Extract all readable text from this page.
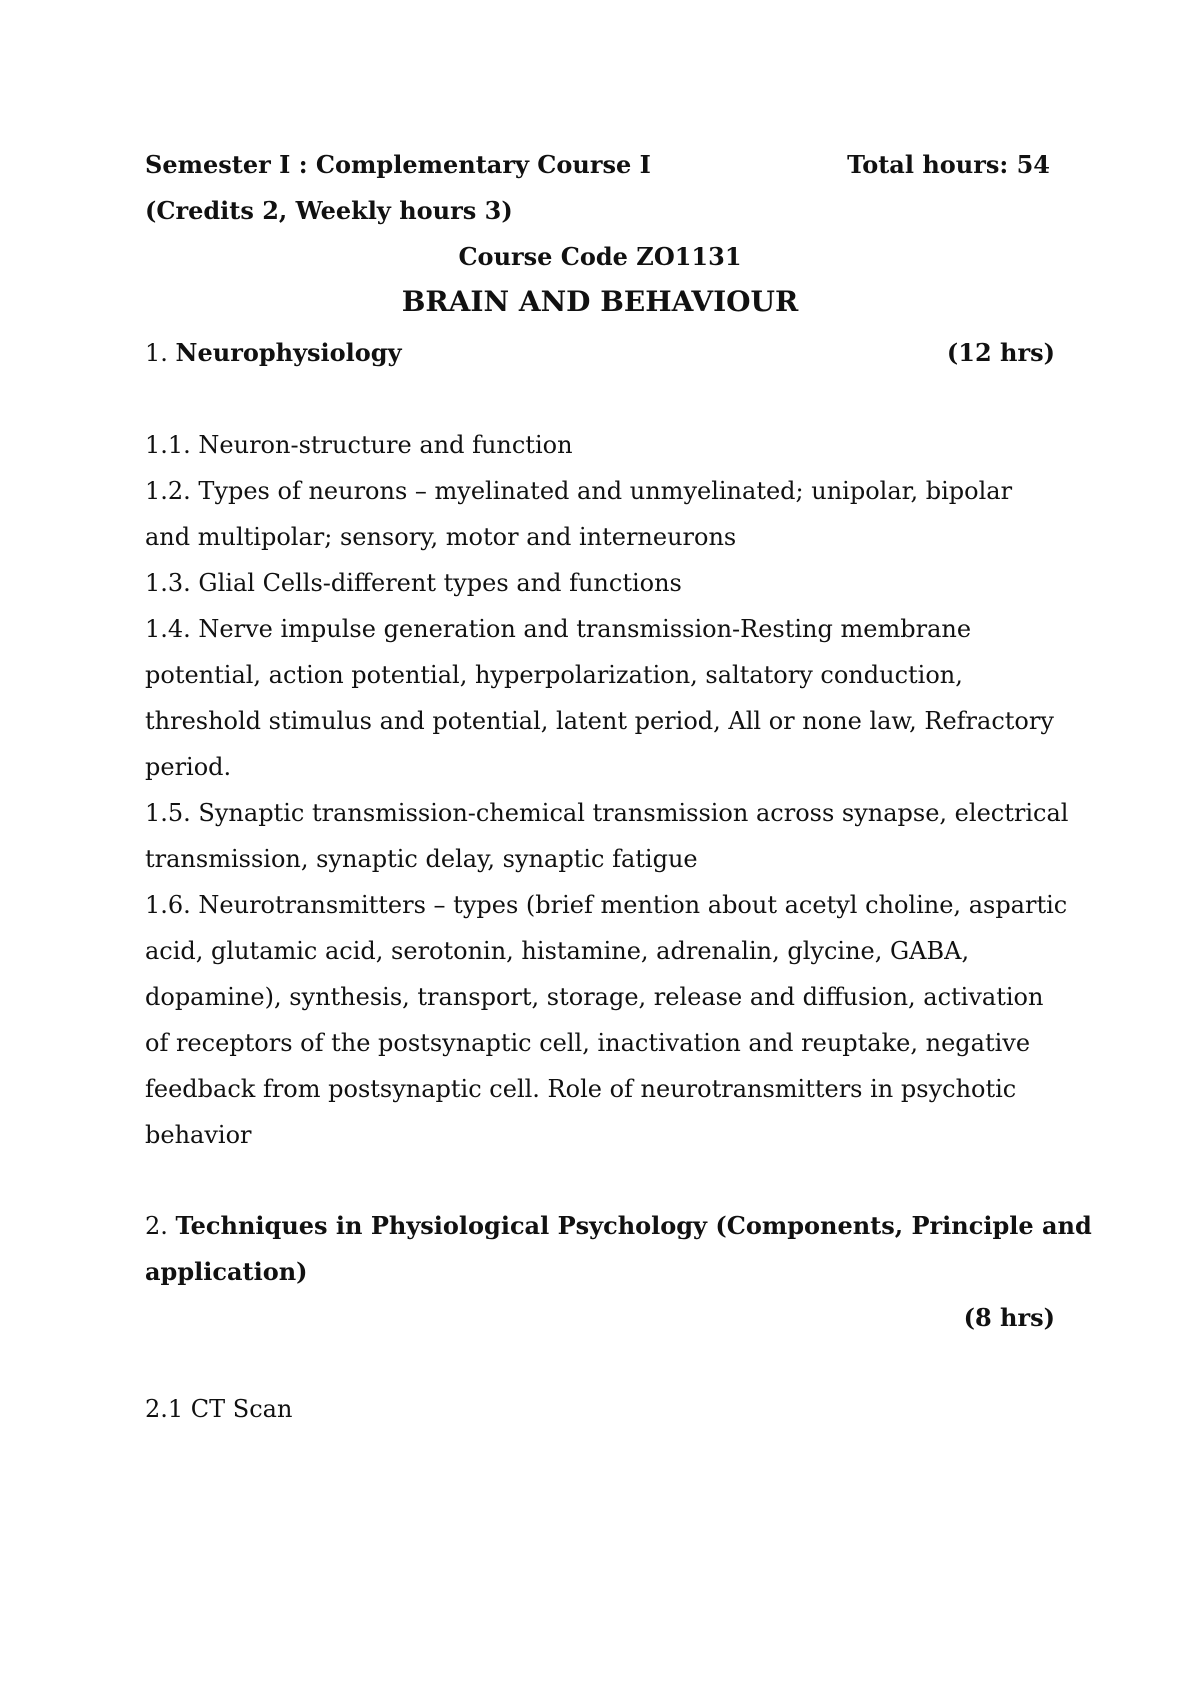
Semester I : Complementary Course I	Total hours: 54
(Credits 2, Weekly hours 3)
Course Code ZO1131
BRAIN AND BEHAVIOUR
1. Neurophysiology	(12 hrs)
1.1. Neuron-structure and function
1.2. Types of neurons – myelinated and unmyelinated; unipolar, bipolar
and multipolar; sensory, motor and interneurons
1.3. Glial Cells-different types and functions
1.4. Nerve impulse generation and transmission-Resting membrane
potential, action potential, hyperpolarization, saltatory conduction,
threshold stimulus and potential, latent period, All or none law, Refractory
period.
1.5. Synaptic transmission-chemical transmission across synapse, electrical
transmission, synaptic delay, synaptic fatigue
1.6. Neurotransmitters – types (brief mention about acetyl choline, aspartic
acid, glutamic acid, serotonin, histamine, adrenalin, glycine, GABA,
dopamine), synthesis, transport, storage, release and diffusion, activation
of receptors of the postsynaptic cell, inactivation and reuptake, negative
feedback from postsynaptic cell. Role of neurotransmitters in psychotic
behavior
2. Techniques in Physiological Psychology (Components, Principle and
application)
(8 hrs)
2.1 CT Scan
